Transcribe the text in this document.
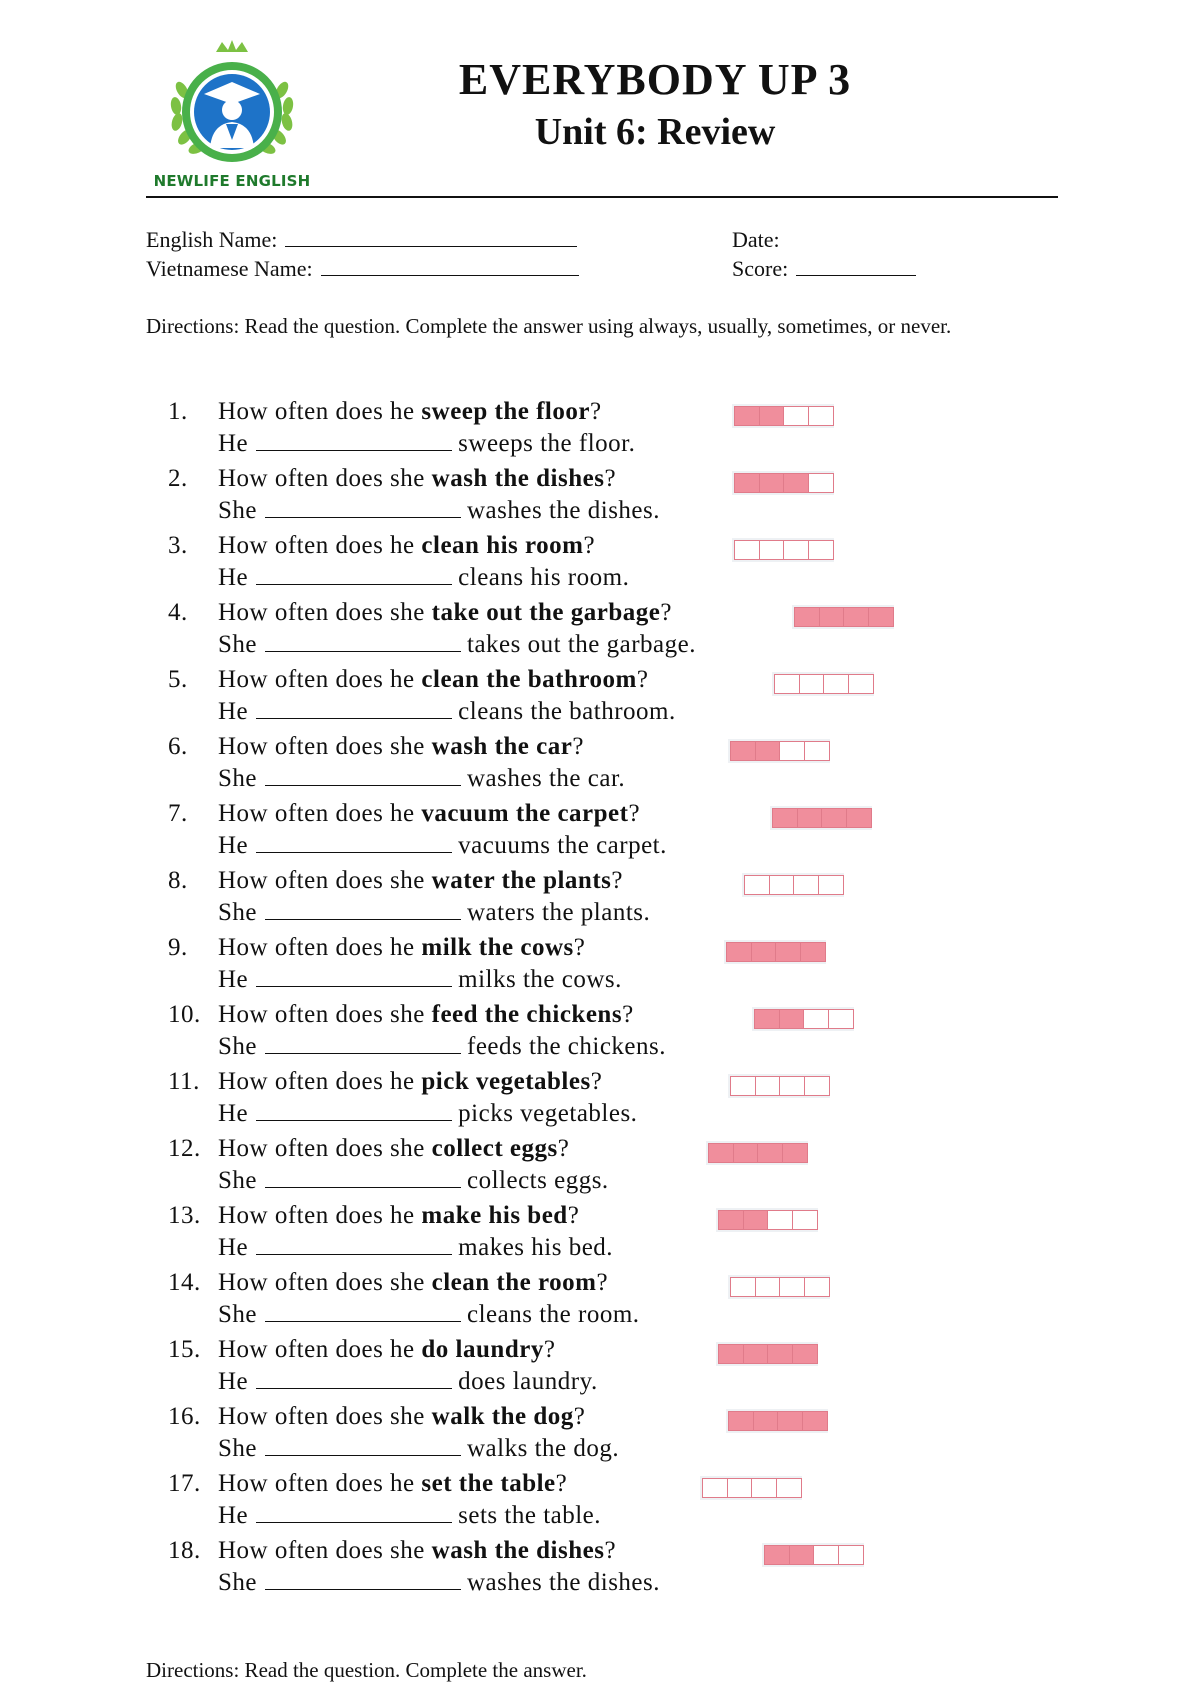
NEWLIFE ENGLISH
EVERYBODY UP 3
Unit 6: Review
English Name:
Vietnamese Name:
Date:
Score:
Directions: Read the question. Complete the answer using always, usually, sometimes, or never.
1. How often does he sweep the floor?
He	sweeps the floor.
2. How often does she wash the dishes?
She	washes the dishes.
3. How often does he clean his room?
He	cleans his room.
4. How often does she take out the garbage?
She	takes out the garbage.
5. How often does he clean the bathroom?
He	cleans the bathroom.
6. How often does she wash the car?
She	washes the car.
7. How often does he vacuum the carpet?
He	vacuums the carpet.
8. How often does she water the plants?
She	waters the plants.
9. How often does he milk the cows?
He	milks the cows.
10. How often does she feed the chickens?
She	feeds the chickens.
11. How often does he pick vegetables?
He	picks vegetables.
12. How often does she collect eggs?
She	collects eggs.
13. How often does he make his bed?
He	makes his bed.
14. How often does she clean the room?
She	cleans the room.
15. How often does he do laundry?
He	does laundry.
16. How often does she walk the dog?
She	walks the dog.
17. How often does he set the table?
He	sets the table.
18. How often does she wash the dishes?
She	washes the dishes.
Directions: Read the question. Complete the answer.
